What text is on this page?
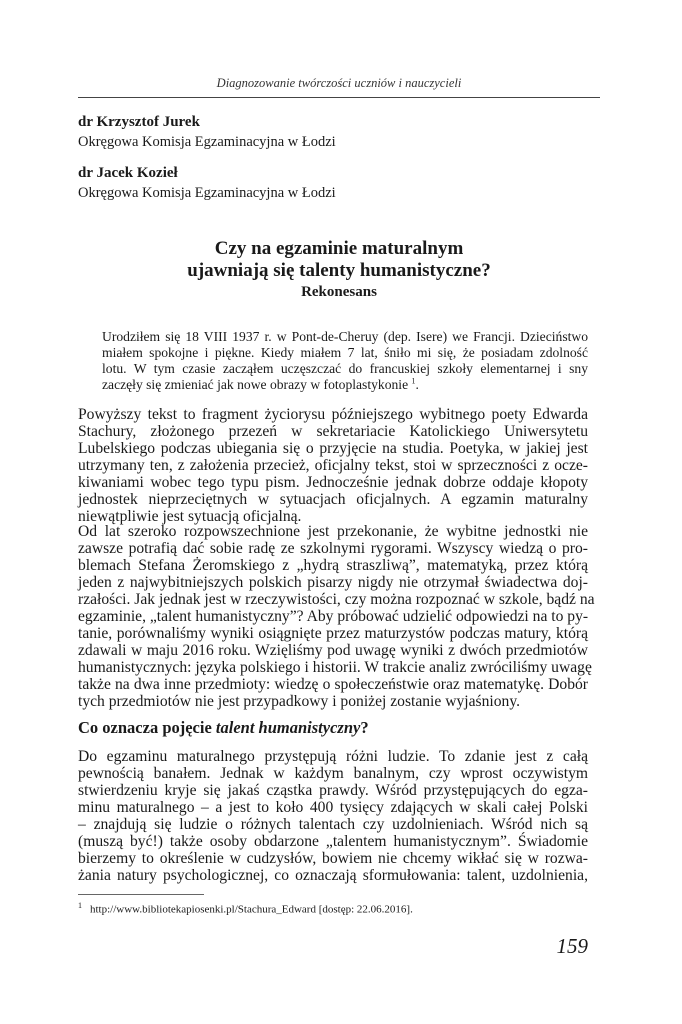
Diagnozowanie twórczości uczniów i nauczycieli
dr Krzysztof Jurek
Okręgowa Komisja Egzaminacyjna w Łodzi
dr Jacek Kozieł
Okręgowa Komisja Egzaminacyjna w Łodzi
Czy na egzaminie maturalnym
ujawniają się talenty humanistyczne?
Rekonesans
Urodziłem się 18 VIII 1937 r. w Pont-de-Cheruy (dep. Isere) we Francji. Dzieciństwo
miałem spokojne i piękne. Kiedy miałem 7 lat, śniło mi się, że posiadam zdolność
lotu. W tym czasie zacząłem uczęszczać do francuskiej szkoły elementarnej i sny
zaczęły się zmieniać jak nowe obrazy w fotoplastykonie $^1$.
Powyższy tekst to fragment życiorysu późniejszego wybitnego poety Edwarda
Stachury, złożonego przezeń w sekretariacie Katolickiego Uniwersytetu
Lubelskiego podczas ubiegania się o przyjęcie na studia. Poetyka, w jakiej jest
utrzymany ten, z założenia przecież, oficjalny tekst, stoi w sprzeczności z ocze-
kiwaniami wobec tego typu pism. Jednocześnie jednak dobrze oddaje kłopoty
jednostek nieprzeciętnych w sytuacjach oficjalnych. A egzamin maturalny
niewątpliwie jest sytuacją oficjalną.
Od lat szeroko rozpowszechnione jest przekonanie, że wybitne jednostki nie
zawsze potrafią dać sobie radę ze szkolnymi rygorami. Wszyscy wiedzą o pro-
blemach Stefana Żeromskiego z „hydrą straszliwą”, matematyką, przez którą
jeden z najwybitniejszych polskich pisarzy nigdy nie otrzymał świadectwa doj-
rzałości. Jak jednak jest w rzeczywistości, czy można rozpoznać w szkole, bądź na
egzaminie, „talent humanistyczny”? Aby próbować udzielić odpowiedzi na to py-
tanie, porównaliśmy wyniki osiągnięte przez maturzystów podczas matury, którą
zdawali w maju 2016 roku. Wzięliśmy pod uwagę wyniki z dwóch przedmiotów
humanistycznych: języka polskiego i historii. W trakcie analiz zwróciliśmy uwagę
także na dwa inne przedmioty: wiedzę o społeczeństwie oraz matematykę. Dobór
tych przedmiotów nie jest przypadkowy i poniżej zostanie wyjaśniony.
Co oznacza pojęcie talent humanistyczny?
Do egzaminu maturalnego przystępują różni ludzie. To zdanie jest z całą
pewnością banałem. Jednak w każdym banalnym, czy wprost oczywistym
stwierdzeniu kryje się jakaś cząstka prawdy. Wśród przystępujących do egza-
minu maturalnego – a jest to koło 400 tysięcy zdających w skali całej Polski
– znajdują się ludzie o różnych talentach czy uzdolnieniach. Wśród nich są
(muszą być!) także osoby obdarzone „talentem humanistycznym”. Świadomie
bierzemy to określenie w cudzysłów, bowiem nie chcemy wikłać się w rozwa-
żania natury psychologicznej, co oznaczają sformułowania: talent, uzdolnienia,
$^1$ http://www.bibliotekapiosenki.pl/Stachura_Edward [dostęp: 22.06.2016].
159
